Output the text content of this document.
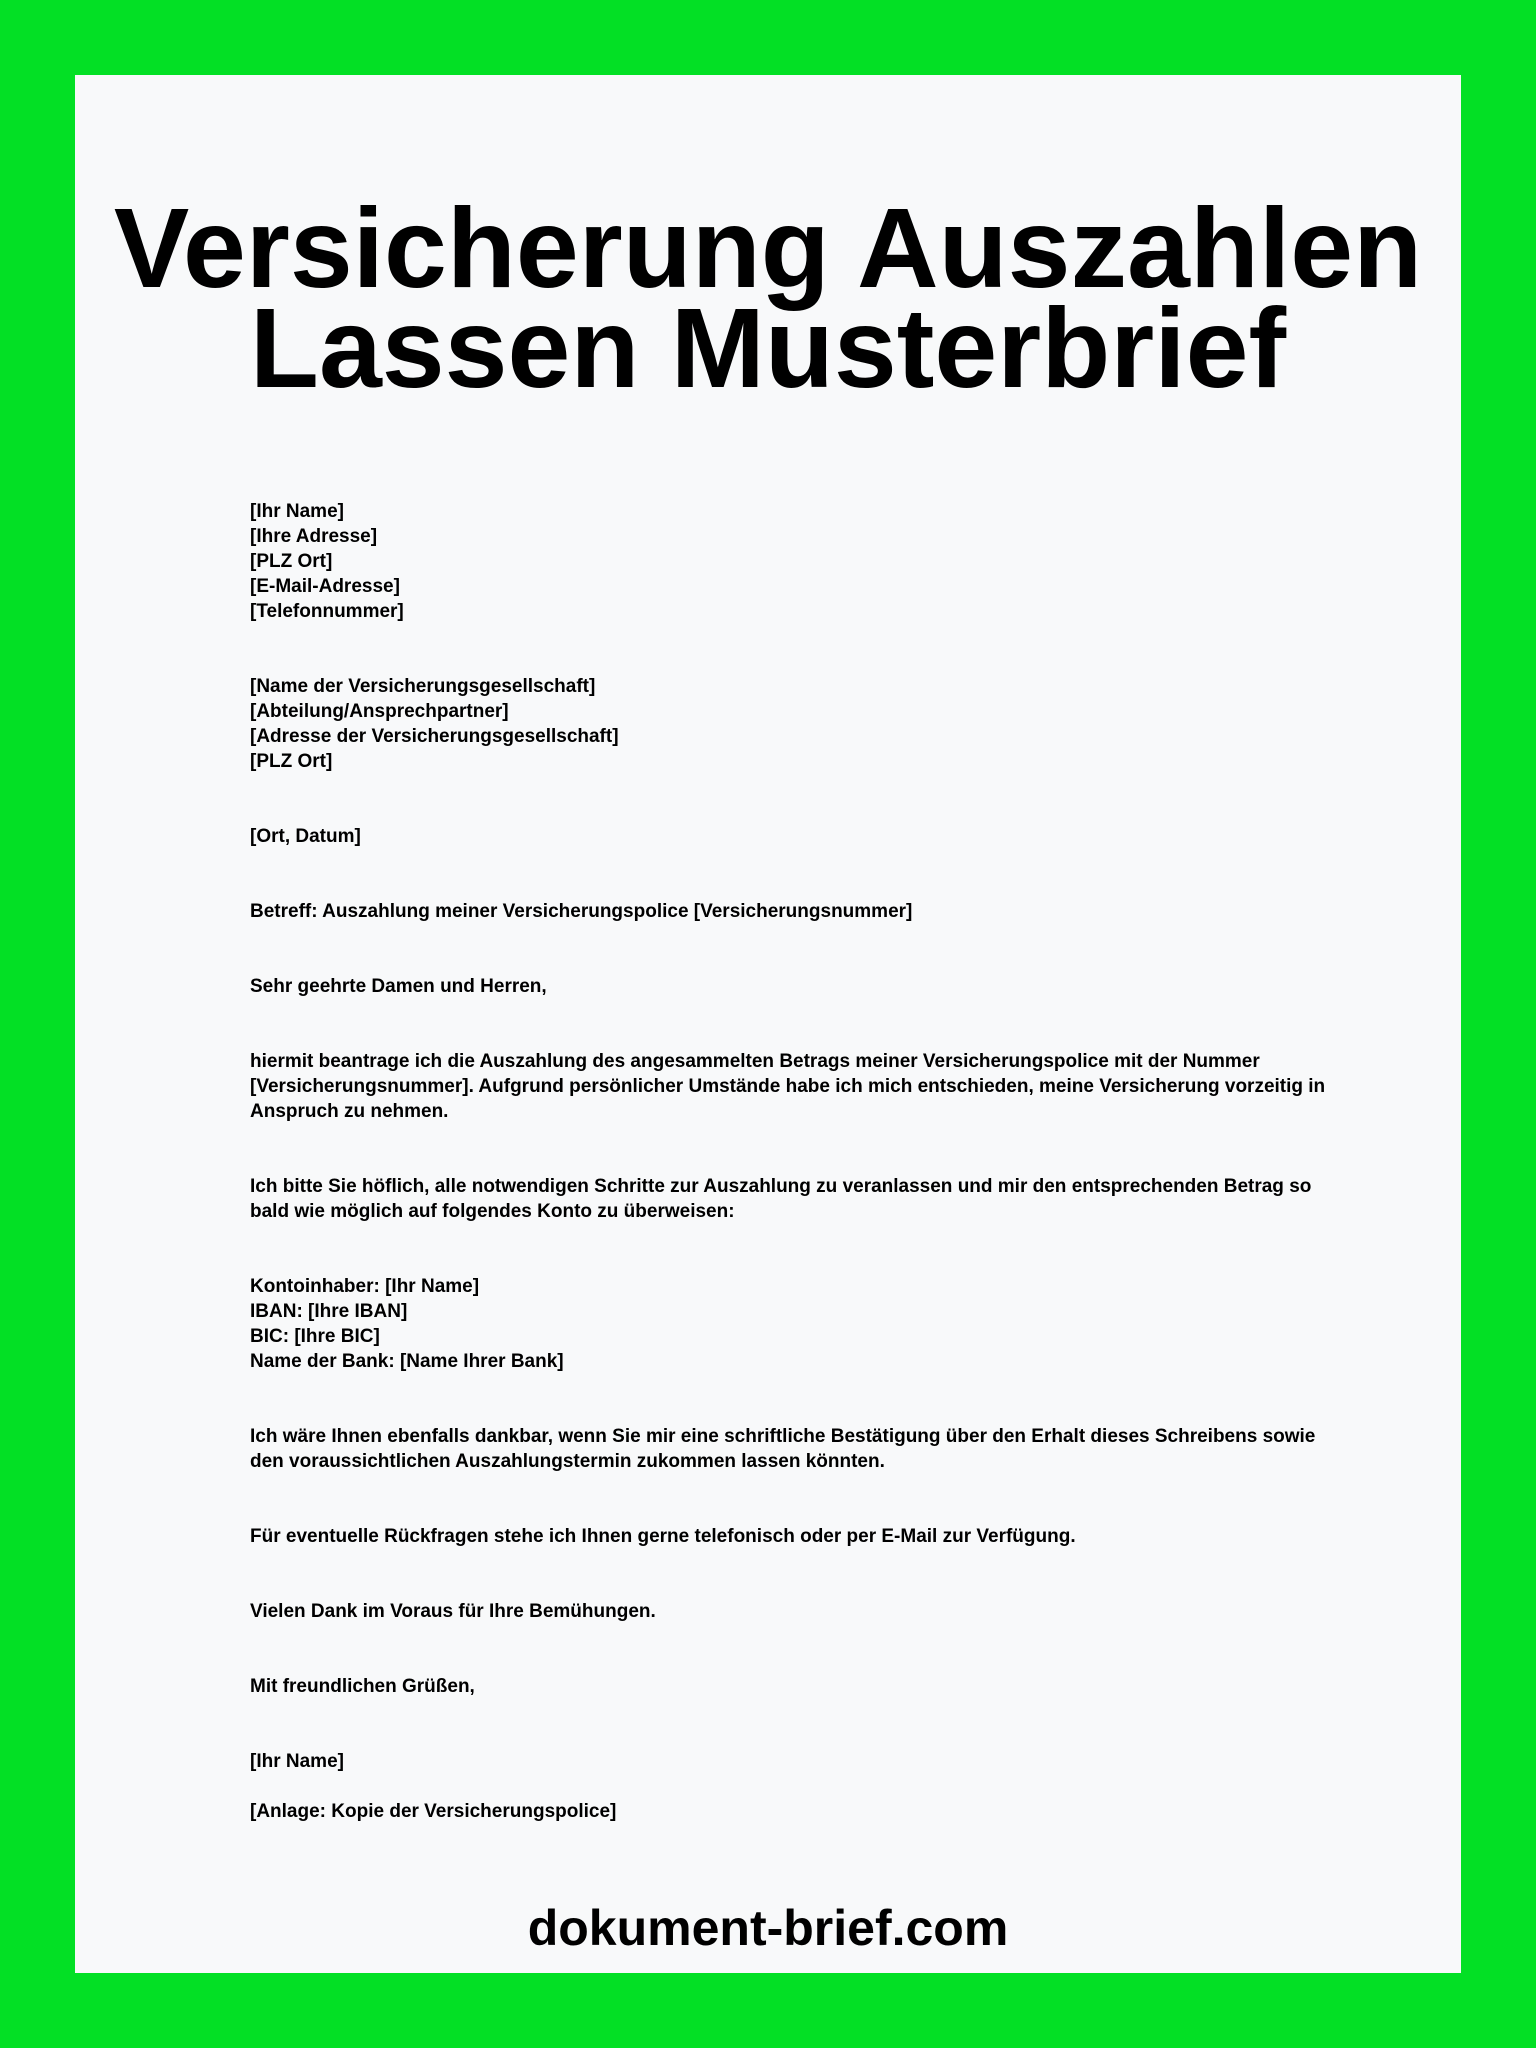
Versicherung Auszahlen
Lassen Musterbrief
[Ihr Name]
[Ihre Adresse]
[PLZ Ort]
[E-Mail-Adresse]
[Telefonnummer]
[Name der Versicherungsgesellschaft]
[Abteilung/Ansprechpartner]
[Adresse der Versicherungsgesellschaft]
[PLZ Ort]
[Ort, Datum]
Betreff: Auszahlung meiner Versicherungspolice [Versicherungsnummer]
Sehr geehrte Damen und Herren,
hiermit beantrage ich die Auszahlung des angesammelten Betrags meiner Versicherungspolice mit der Nummer [Versicherungsnummer]. Aufgrund persönlicher Umstände habe ich mich entschieden, meine Versicherung vorzeitig in Anspruch zu nehmen.
Ich bitte Sie höflich, alle notwendigen Schritte zur Auszahlung zu veranlassen und mir den entsprechenden Betrag so bald wie möglich auf folgendes Konto zu überweisen:
Kontoinhaber: [Ihr Name]
IBAN: [Ihre IBAN]
BIC: [Ihre BIC]
Name der Bank: [Name Ihrer Bank]
Ich wäre Ihnen ebenfalls dankbar, wenn Sie mir eine schriftliche Bestätigung über den Erhalt dieses Schreibens sowie den voraussichtlichen Auszahlungstermin zukommen lassen könnten.
Für eventuelle Rückfragen stehe ich Ihnen gerne telefonisch oder per E-Mail zur Verfügung.
Vielen Dank im Voraus für Ihre Bemühungen.
Mit freundlichen Grüßen,
[Ihr Name]
[Anlage: Kopie der Versicherungspolice]
dokument-brief.com
